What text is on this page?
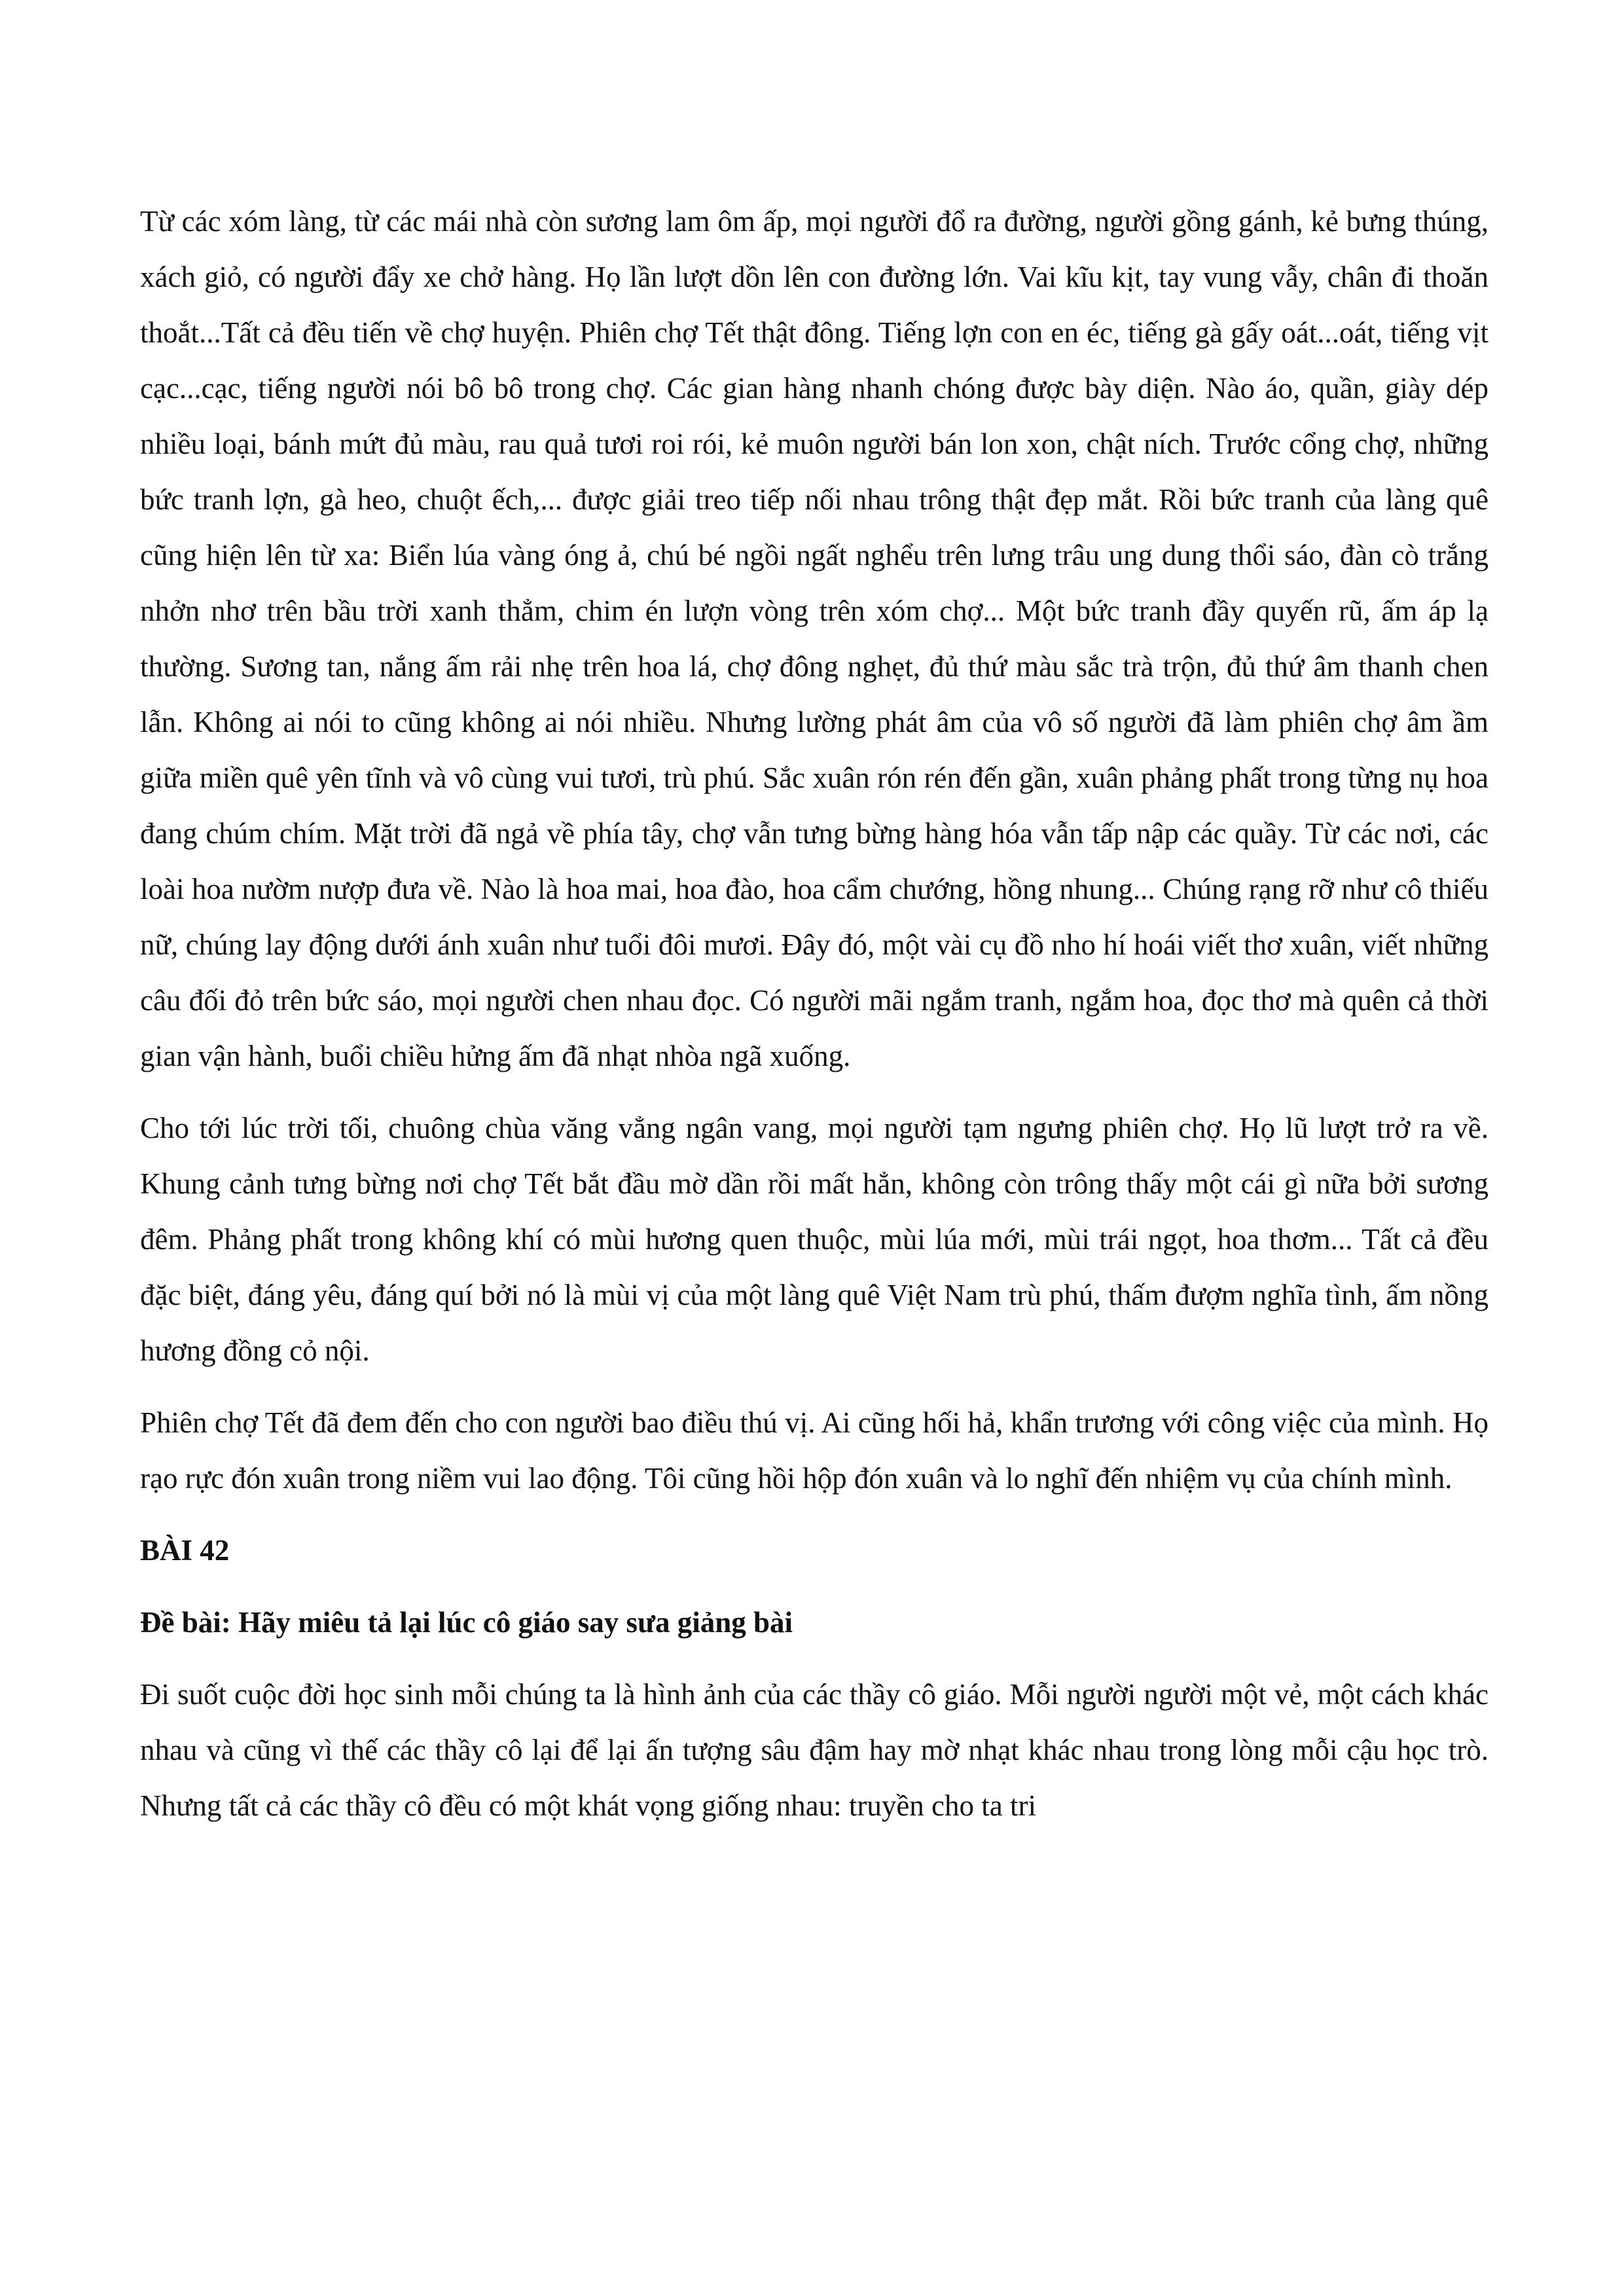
Từ các xóm làng, từ các mái nhà còn sương lam ôm ấp, mọi người đổ ra đường, người gồng gánh, kẻ bưng thúng, xách giỏ, có người đẩy xe chở hàng. Họ lần lượt dồn lên con đường lớn. Vai kĩu kịt, tay vung vẫy, chân đi thoăn thoắt...Tất cả đều tiến về chợ huyện. Phiên chợ Tết thật đông. Tiếng lợn con en éc, tiếng gà gấy oát...oát, tiếng vịt cạc...cạc, tiếng người nói bô bô trong chợ. Các gian hàng nhanh chóng được bày diện. Nào áo, quần, giày dép nhiều loại, bánh mứt đủ màu, rau quả tươi roi rói, kẻ muôn người bán lon xon, chật ních. Trước cổng chợ, những bức tranh lợn, gà heo, chuột ếch,... được giải treo tiếp nối nhau trông thật đẹp mắt. Rồi bức tranh của làng quê cũng hiện lên từ xa: Biển lúa vàng óng ả, chú bé ngồi ngất nghểu trên lưng trâu ung dung thổi sáo, đàn cò trắng nhởn nhơ trên bầu trời xanh thẳm, chim én lượn vòng trên xóm chợ... Một bức tranh đầy quyến rũ, ấm áp lạ thường. Sương tan, nắng ấm rải nhẹ trên hoa lá, chợ đông nghẹt, đủ thứ màu sắc trà trộn, đủ thứ âm thanh chen lẫn. Không ai nói to cũng không ai nói nhiều. Nhưng lường phát âm của vô số người đã làm phiên chợ âm ầm giữa miền quê yên tĩnh và vô cùng vui tươi, trù phú. Sắc xuân rón rén đến gần, xuân phảng phất trong từng nụ hoa đang chúm chím. Mặt trời đã ngả về phía tây, chợ vẫn tưng bừng hàng hóa vẫn tấp nập các quầy. Từ các nơi, các loài hoa nườm nượp đưa về. Nào là hoa mai, hoa đào, hoa cẩm chướng, hồng nhung... Chúng rạng rỡ như cô thiếu nữ, chúng lay động dưới ánh xuân như tuổi đôi mươi. Đây đó, một vài cụ đồ nho hí hoái viết thơ xuân, viết những câu đối đỏ trên bức sáo, mọi người chen nhau đọc. Có người mãi ngắm tranh, ngắm hoa, đọc thơ mà quên cả thời gian vận hành, buổi chiều hửng ấm đã nhạt nhòa ngã xuống.

Cho tới lúc trời tối, chuông chùa văng vẳng ngân vang, mọi người tạm ngưng phiên chợ. Họ lũ lượt trở ra về. Khung cảnh tưng bừng nơi chợ Tết bắt đầu mờ dần rồi mất hẳn, không còn trông thấy một cái gì nữa bởi sương đêm. Phảng phất trong không khí có mùi hương quen thuộc, mùi lúa mới, mùi trái ngọt, hoa thơm... Tất cả đều đặc biệt, đáng yêu, đáng quí bởi nó là mùi vị của một làng quê Việt Nam trù phú, thấm đượm nghĩa tình, ấm nồng hương đồng cỏ nội.

Phiên chợ Tết đã đem đến cho con người bao điều thú vị. Ai cũng hối hả, khẩn trương với công việc của mình. Họ rạo rực đón xuân trong niềm vui lao động. Tôi cũng hồi hộp đón xuân và lo nghĩ đến nhiệm vụ của chính mình.

BÀI 42

Đề bài: Hãy miêu tả lại lúc cô giáo say sưa giảng bài

Đi suốt cuộc đời học sinh mỗi chúng ta là hình ảnh của các thầy cô giáo. Mỗi người người một vẻ, một cách khác nhau và cũng vì thế các thầy cô lại để lại ấn tượng sâu đậm hay mờ nhạt khác nhau trong lòng mỗi cậu học trò. Nhưng tất cả các thầy cô đều có một khát vọng giống nhau: truyền cho ta tri
